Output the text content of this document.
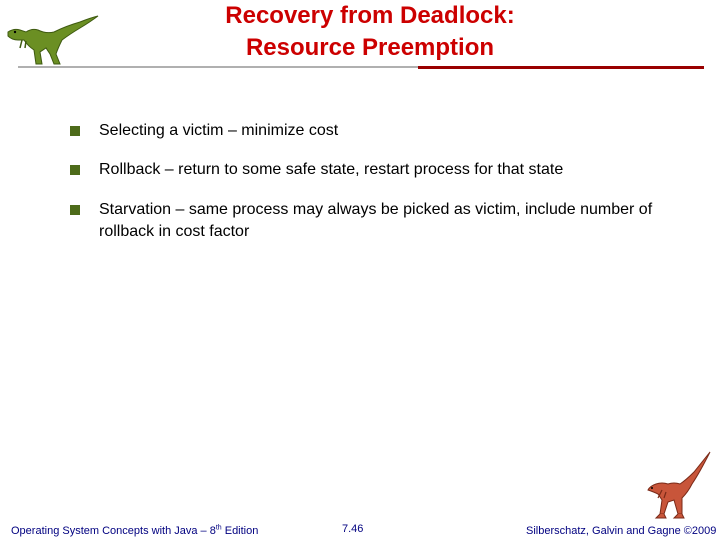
Recovery from Deadlock:
Resource Preemption
Selecting a victim – minimize cost
Rollback – return to some safe state, restart process for that state
Starvation – same process may always be picked as victim, include number of rollback in cost factor
Operating System Concepts with Java – 8th Edition	7.46	Silberschatz, Galvin and Gagne ©2009
